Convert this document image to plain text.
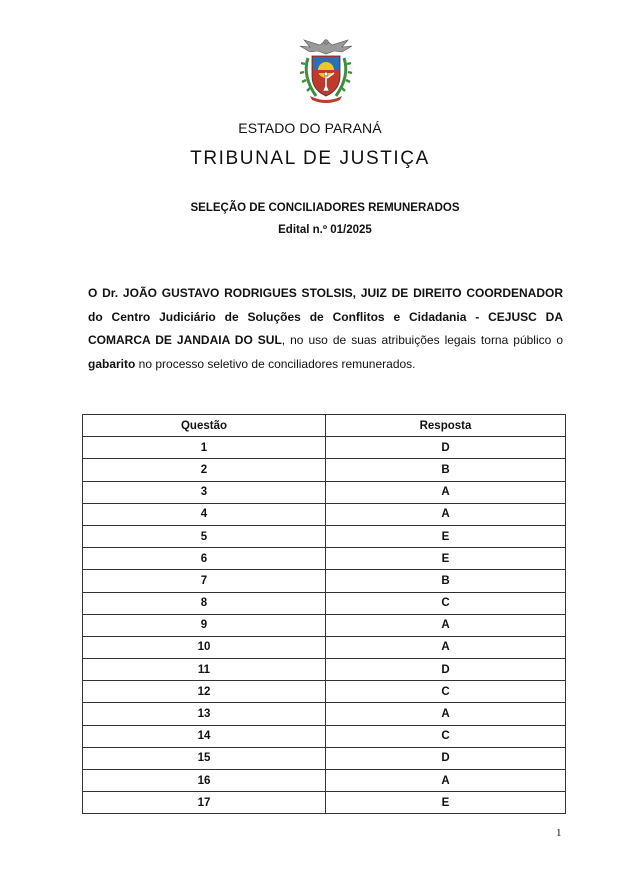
ESTADO DO PARANÁ
TRIBUNAL DE JUSTIÇA
SELEÇÃO DE CONCILIADORES REMUNERADOS
Edital n.º 01/2025
O Dr. JOÃO GUSTAVO RODRIGUES STOLSIS, JUIZ DE DIREITO COORDENADOR do Centro Judiciário de Soluções de Conflitos e Cidadania - CEJUSC DA COMARCA DE JANDAIA DO SUL, no uso de suas atribuições legais torna público o gabarito no processo seletivo de conciliadores remunerados.
Questão	Resposta
1	D
2	B
3	A
4	A
5	E
6	E
7	B
8	C
9	A
10	A
11	D
12	C
13	A
14	C
15	D
16	A
17	E
1
